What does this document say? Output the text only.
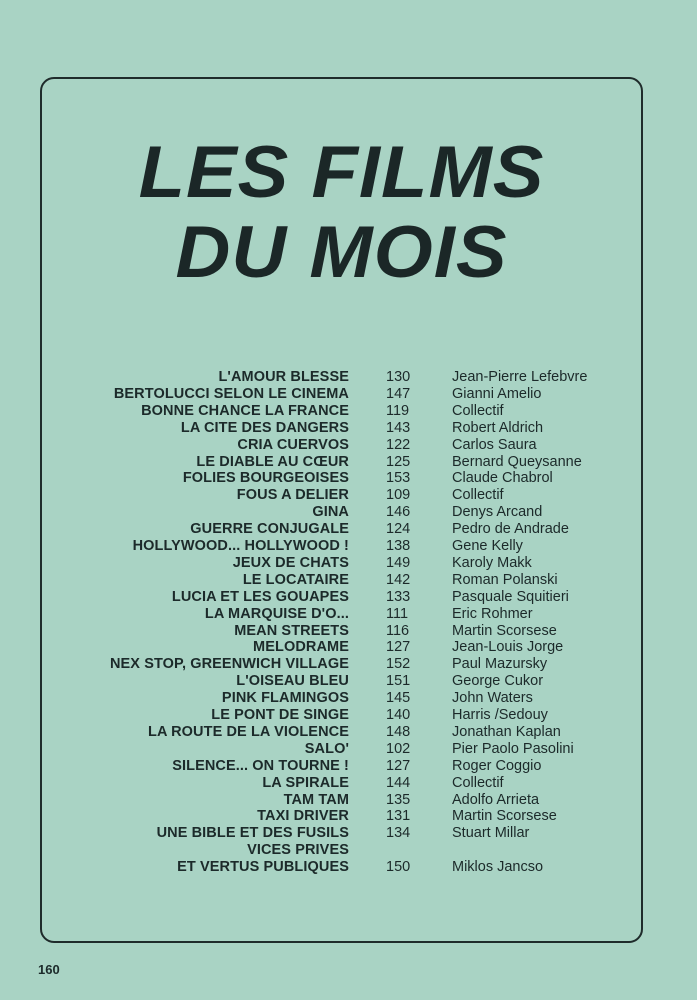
LES FILMS
DU MOIS
L'AMOUR BLESSE	130	Jean-Pierre Lefebvre
BERTOLUCCI SELON LE CINEMA	147	Gianni Amelio
BONNE CHANCE LA FRANCE	119	Collectif
LA CITE DES DANGERS	143	Robert Aldrich
CRIA CUERVOS	122	Carlos Saura
LE DIABLE AU CŒUR	125	Bernard Queysanne
FOLIES BOURGEOISES	153	Claude Chabrol
FOUS A DELIER	109	Collectif
GINA	146	Denys Arcand
GUERRE CONJUGALE	124	Pedro de Andrade
HOLLYWOOD... HOLLYWOOD !	138	Gene Kelly
JEUX DE CHATS	149	Karoly Makk
LE LOCATAIRE	142	Roman Polanski
LUCIA ET LES GOUAPES	133	Pasquale Squitieri
LA MARQUISE D'O...	111	Eric Rohmer
MEAN STREETS	116	Martin Scorsese
MELODRAME	127	Jean-Louis Jorge
NEX STOP, GREENWICH VILLAGE	152	Paul Mazursky
L'OISEAU BLEU	151	George Cukor
PINK FLAMINGOS	145	John Waters
LE PONT DE SINGE	140	Harris /Sedouy
LA ROUTE DE LA VIOLENCE	148	Jonathan Kaplan
SALO'	102	Pier Paolo Pasolini
SILENCE... ON TOURNE !	127	Roger Coggio
LA SPIRALE	144	Collectif
TAM TAM	135	Adolfo Arrieta
TAXI DRIVER	131	Martin Scorsese
UNE BIBLE ET DES FUSILS	134	Stuart Millar
VICES PRIVES
ET VERTUS PUBLIQUES	150	Miklos Jancso
160
